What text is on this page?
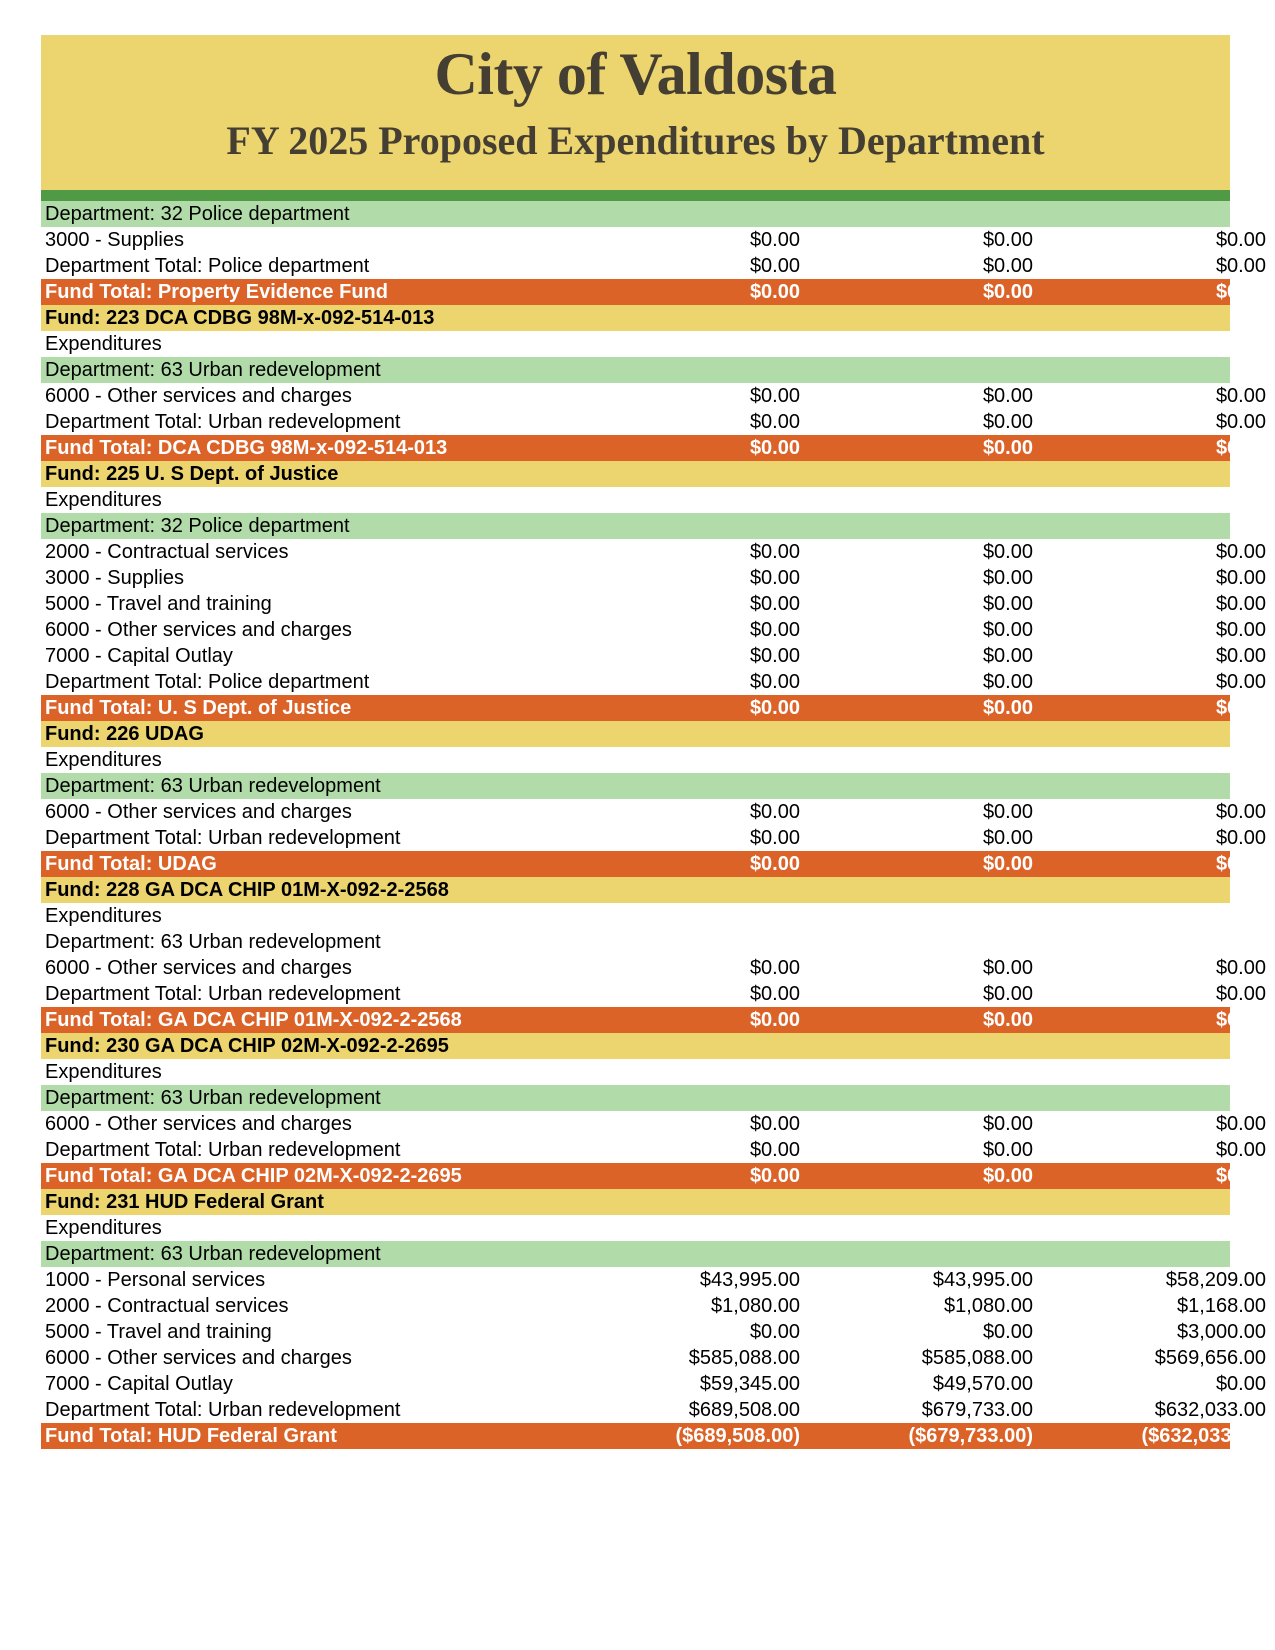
City of Valdosta
FY 2025 Proposed Expenditures by Department
Department: 32 Police department
3000 - Supplies	$0.00	$0.00	$0.00
Department Total: Police department	$0.00	$0.00	$0.00
Fund Total: Property Evidence Fund	$0.00	$0.00	$0.00
Fund: 223 DCA CDBG 98M-x-092-514-013
Expenditures
Department: 63 Urban redevelopment
6000 - Other services and charges	$0.00	$0.00	$0.00
Department Total: Urban redevelopment	$0.00	$0.00	$0.00
Fund Total: DCA CDBG 98M-x-092-514-013	$0.00	$0.00	$0.00
Fund: 225 U. S Dept. of Justice
Expenditures
Department: 32 Police department
2000 - Contractual services	$0.00	$0.00	$0.00
3000 - Supplies	$0.00	$0.00	$0.00
5000 - Travel and training	$0.00	$0.00	$0.00
6000 - Other services and charges	$0.00	$0.00	$0.00
7000 - Capital Outlay	$0.00	$0.00	$0.00
Department Total: Police department	$0.00	$0.00	$0.00
Fund Total: U. S Dept. of Justice	$0.00	$0.00	$0.00
Fund: 226 UDAG
Expenditures
Department: 63 Urban redevelopment
6000 - Other services and charges	$0.00	$0.00	$0.00
Department Total: Urban redevelopment	$0.00	$0.00	$0.00
Fund Total: UDAG	$0.00	$0.00	$0.00
Fund: 228 GA DCA CHIP 01M-X-092-2-2568
Expenditures
Department: 63 Urban redevelopment
6000 - Other services and charges	$0.00	$0.00	$0.00
Department Total: Urban redevelopment	$0.00	$0.00	$0.00
Fund Total: GA DCA CHIP 01M-X-092-2-2568	$0.00	$0.00	$0.00
Fund: 230 GA DCA CHIP 02M-X-092-2-2695
Expenditures
Department: 63 Urban redevelopment
6000 - Other services and charges	$0.00	$0.00	$0.00
Department Total: Urban redevelopment	$0.00	$0.00	$0.00
Fund Total: GA DCA CHIP 02M-X-092-2-2695	$0.00	$0.00	$0.00
Fund: 231 HUD Federal Grant
Expenditures
Department: 63 Urban redevelopment
1000 - Personal services	$43,995.00	$43,995.00	$58,209.00
2000 - Contractual services	$1,080.00	$1,080.00	$1,168.00
5000 - Travel and training	$0.00	$0.00	$3,000.00
6000 - Other services and charges	$585,088.00	$585,088.00	$569,656.00
7000 - Capital Outlay	$59,345.00	$49,570.00	$0.00
Department Total: Urban redevelopment	$689,508.00	$679,733.00	$632,033.00
Fund Total: HUD Federal Grant	($689,508.00)	($679,733.00)	($632,033.00)
